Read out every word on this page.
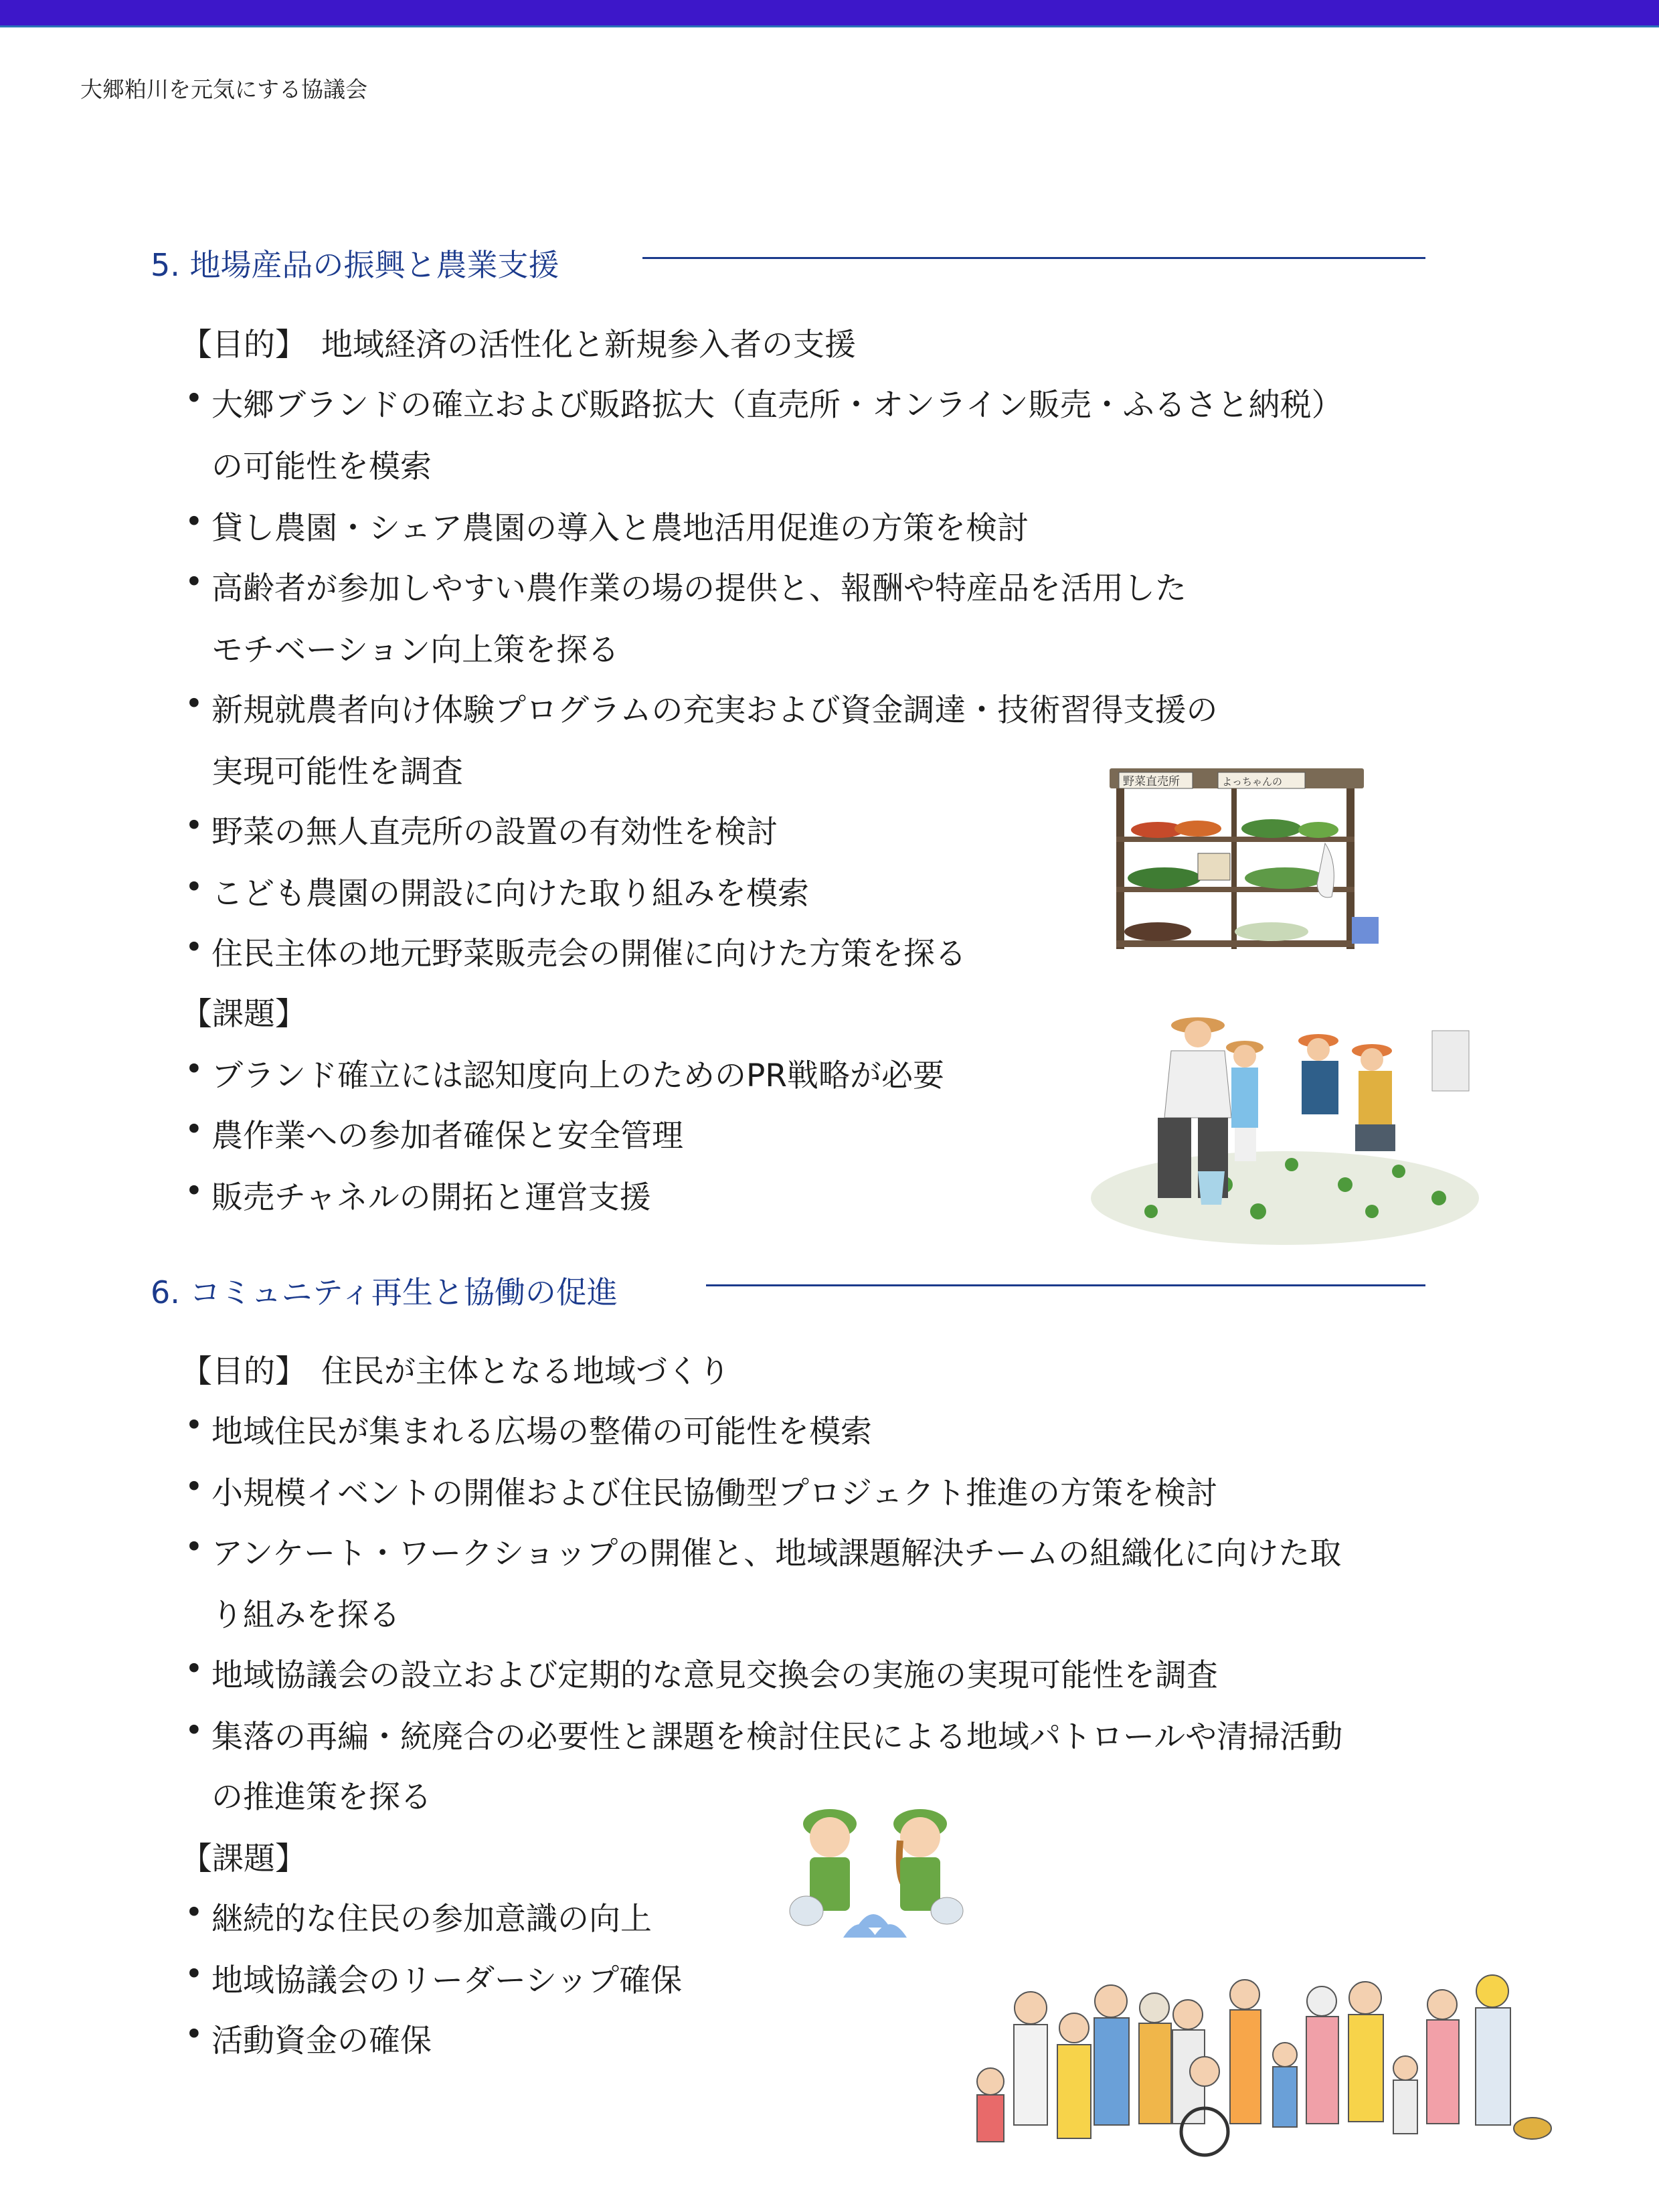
大郷粕川を元気にする協議会
5. 地場産品の振興と農業支援
【目的】 地域経済の活性化と新規参入者の支援
• 大郷ブランドの確立および販路拡大（直売所・オンライン販売・ふるさと納税）
の可能性を模索
• 貸し農園・シェア農園の導入と農地活用促進の方策を検討
• 高齢者が参加しやすい農作業の場の提供と、報酬や特産品を活用した
モチベーション向上策を探る
• 新規就農者向け体験プログラムの充実および資金調達・技術習得支援の
実現可能性を調査
• 野菜の無人直売所の設置の有効性を検討
• こども農園の開設に向けた取り組みを模索
• 住民主体の地元野菜販売会の開催に向けた方策を探る
【課題】
• ブランド確立には認知度向上のためのPR戦略が必要
• 農作業への参加者確保と安全管理
• 販売チャネルの開拓と運営支援
野菜直売所	よっちゃんの
6. コミュニティ再生と協働の促進
【目的】 住民が主体となる地域づくり
• 地域住民が集まれる広場の整備の可能性を模索
• 小規模イベントの開催および住民協働型プロジェクト推進の方策を検討
• アンケート・ワークショップの開催と、地域課題解決チームの組織化に向けた取
り組みを探る
• 地域協議会の設立および定期的な意見交換会の実施の実現可能性を調査
• 集落の再編・統廃合の必要性と課題を検討住民による地域パトロールや清掃活動
の推進策を探る
【課題】
• 継続的な住民の参加意識の向上
• 地域協議会のリーダーシップ確保
• 活動資金の確保
